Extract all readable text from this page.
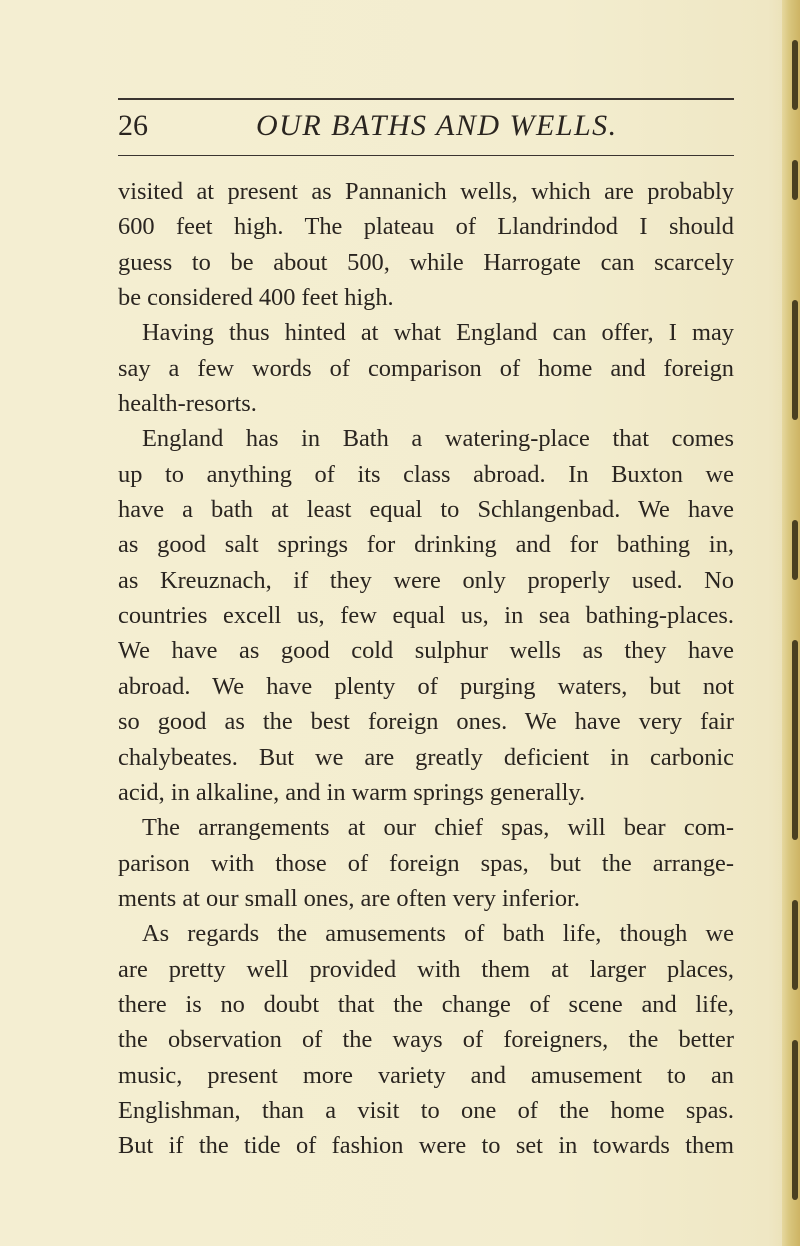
26	OUR BATHS AND WELLS.
visited at present as Pannanich wells, which are probably
600 feet high. The plateau of Llandrindod I should
guess to be about 500, while Harrogate can scarcely
be considered 400 feet high.
Having thus hinted at what England can offer, I may
say a few words of comparison of home and foreign
health-resorts.
England has in Bath a watering-place that comes
up to anything of its class abroad. In Buxton we
have a bath at least equal to Schlangenbad. We have
as good salt springs for drinking and for bathing in,
as Kreuznach, if they were only properly used. No
countries excell us, few equal us, in sea bathing-places.
We have as good cold sulphur wells as they have
abroad. We have plenty of purging waters, but not
so good as the best foreign ones. We have very fair
chalybeates. But we are greatly deficient in carbonic
acid, in alkaline, and in warm springs generally.
The arrangements at our chief spas, will bear com-
parison with those of foreign spas, but the arrange-
ments at our small ones, are often very inferior.
As regards the amusements of bath life, though we
are pretty well provided with them at larger places,
there is no doubt that the change of scene and life,
the observation of the ways of foreigners, the better
music, present more variety and amusement to an
Englishman, than a visit to one of the home spas.
But if the tide of fashion were to set in towards them
